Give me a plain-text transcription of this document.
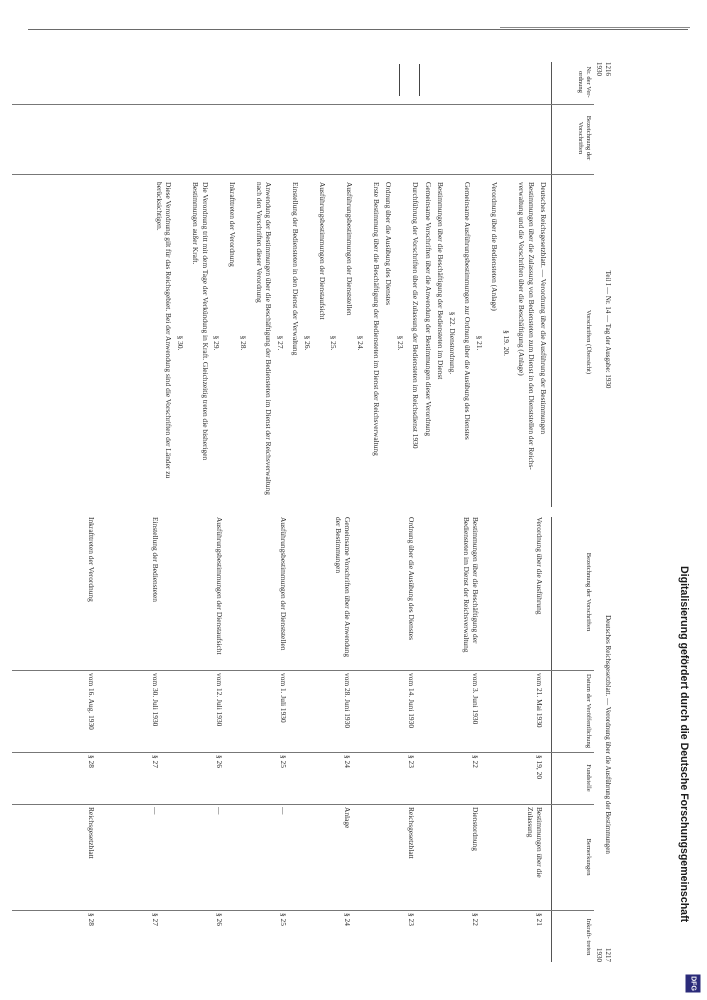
1216 1930
Teil I — Nr. 14 — Tag der Ausgabe: 1930
Nr. der Ver- ordnung
Bezeichnung der Vorschriften
Vorschriften (Übersicht)

Deutsches Reichsgesetzblatt. — Verordnung über die Ausführung der Bestimmungen

Bestimmungen über die Zulassung von Bediensteten zum Dienst in den Dienststellen der Reichs- verwaltung und die Vorschriften über die Beschäftigung (Anlage)

§ 19. 20.

Verordnung über die Bediensteten (Anlage)

§ 21.

Gemeinsame Ausführungsbestimmungen zur Ordnung über die Ausübung des Dienstes

§ 22. Dienstordnung.

Bestimmungen über die Beschäftigung der Bediensteten im Dienst

Gemeinsame Vorschriften über die Anwendung der Bestimmungen dieser Verordnung

Durchführung der Vorschriften über die Zulassung der Bediensteten im Reichsdienst 1930

§ 23.

Ordnung über die Ausübung des Dienstes

Erste Bestimmung über die Beschäftigung der Bediensteten im Dienst der Reichsverwaltung

§ 24.

Ausführungsbestimmungen der Dienststellen

§ 25.

Ausführungsbestimmungen der Dienstaufsicht

§ 26.

Einstellung der Bediensteten in den Dienst der Verwaltung

§ 27.

Anwendung der Bestimmungen über die Beschäftigung der Bediensteten im Dienst der Reichsverwaltung nach den Vorschriften dieser Verordnung

§ 28.

Inkrafttreten der Verordnung

§ 29.

Die Verordnung tritt mit dem Tage der Verkündung in Kraft. Gleichzeitig treten die bisherigen Bestimmungen außer Kraft.

§ 30.

Diese Verordnung gilt für das Reichsgebiet. Bei der Anwendung sind die Vorschriften der Länder zu berücksichtigen.

Deutsches Reichsgesetzblatt. — Verordnung über die Ausführung der Bestimmungen
1217 1930
Bezeichnung der Vorschriften
Datum der Veröffentlichung
Fundstelle
Bemerkungen
Inkraft- treten
Verordnung über die Ausführung
vom 21. Mai 1930
§ 19, 20
Bestimmungen über die Zulassung
§ 21
Bestimmungen über die Beschäftigung der Bediensteten im Dienst der Reichsverwaltung
vom 3. Juni 1930
§ 22
Dienstordnung
§ 22
Ordnung über die Ausübung des Dienstes
vom 14. Juni 1930
§ 23
Reichsgesetzblatt
§ 23
Gemeinsame Vorschriften über die Anwendung der Bestimmungen
vom 28. Juni 1930
§ 24
Anlage
§ 24
Ausführungsbestimmungen der Dienststellen
vom 1. Juli 1930
§ 25
—
§ 25
Ausführungsbestimmungen der Dienstaufsicht
vom 12. Juli 1930
§ 26
—
§ 26
Einstellung der Bediensteten
vom 30. Juli 1930
§ 27
—
§ 27
Inkrafttreten der Verordnung
vom 16. Aug. 1930
§ 28
Reichsgesetzblatt
§ 28	Digitalisierung gefördert durch die Deutsche Forschungsgemeinschaft
DFG
